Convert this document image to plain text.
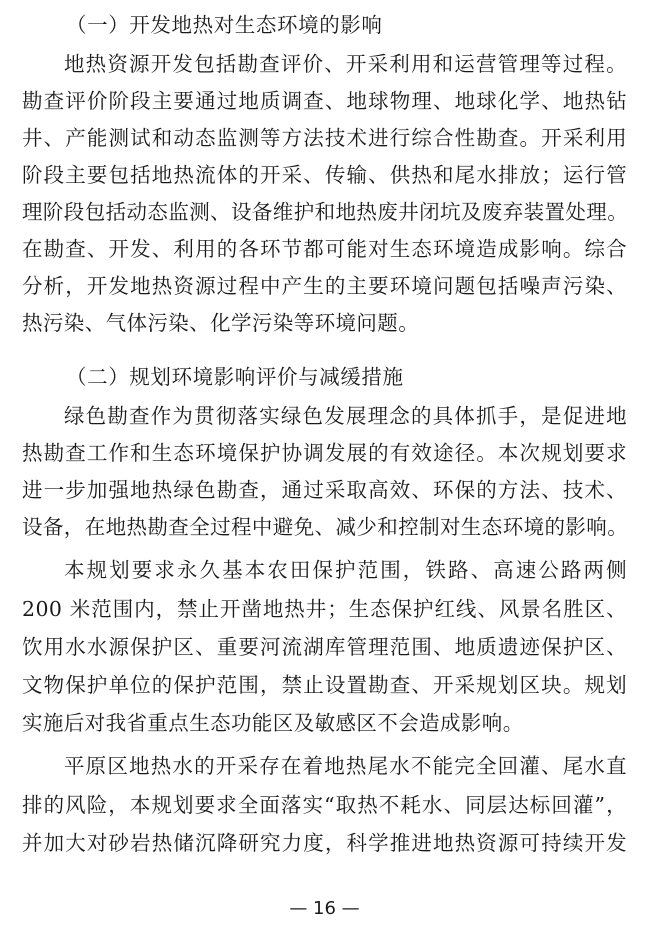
（一）开发地热对生态环境的影响
地热资源开发包括勘查评价、开采利用和运营管理等过程。
勘查评价阶段主要通过地质调查、地球物理、地球化学、地热钻
井、产能测试和动态监测等方法技术进行综合性勘查。开采利用
阶段主要包括地热流体的开采、传输、供热和尾水排放；运行管
理阶段包括动态监测、设备维护和地热废井闭坑及废弃装置处理。
在勘查、开发、利用的各环节都可能对生态环境造成影响。综合
分析，开发地热资源过程中产生的主要环境问题包括噪声污染、
热污染、气体污染、化学污染等环境问题。
（二）规划环境影响评价与减缓措施
绿色勘查作为贯彻落实绿色发展理念的具体抓手，是促进地
热勘查工作和生态环境保护协调发展的有效途径。本次规划要求
进一步加强地热绿色勘查，通过采取高效、环保的方法、技术、
设备，在地热勘查全过程中避免、减少和控制对生态环境的影响。
本规划要求永久基本农田保护范围，铁路、高速公路两侧
200 米范围内，禁止开凿地热井；生态保护红线、风景名胜区、
饮用水水源保护区、重要河流湖库管理范围、地质遗迹保护区、
文物保护单位的保护范围，禁止设置勘查、开采规划区块。规划
实施后对我省重点生态功能区及敏感区不会造成影响。
平原区地热水的开采存在着地热尾水不能完全回灌、尾水直
排的风险，本规划要求全面落实“取热不耗水、同层达标回灌”，
并加大对砂岩热储沉降研究力度，科学推进地热资源可持续开发
— 16 —
